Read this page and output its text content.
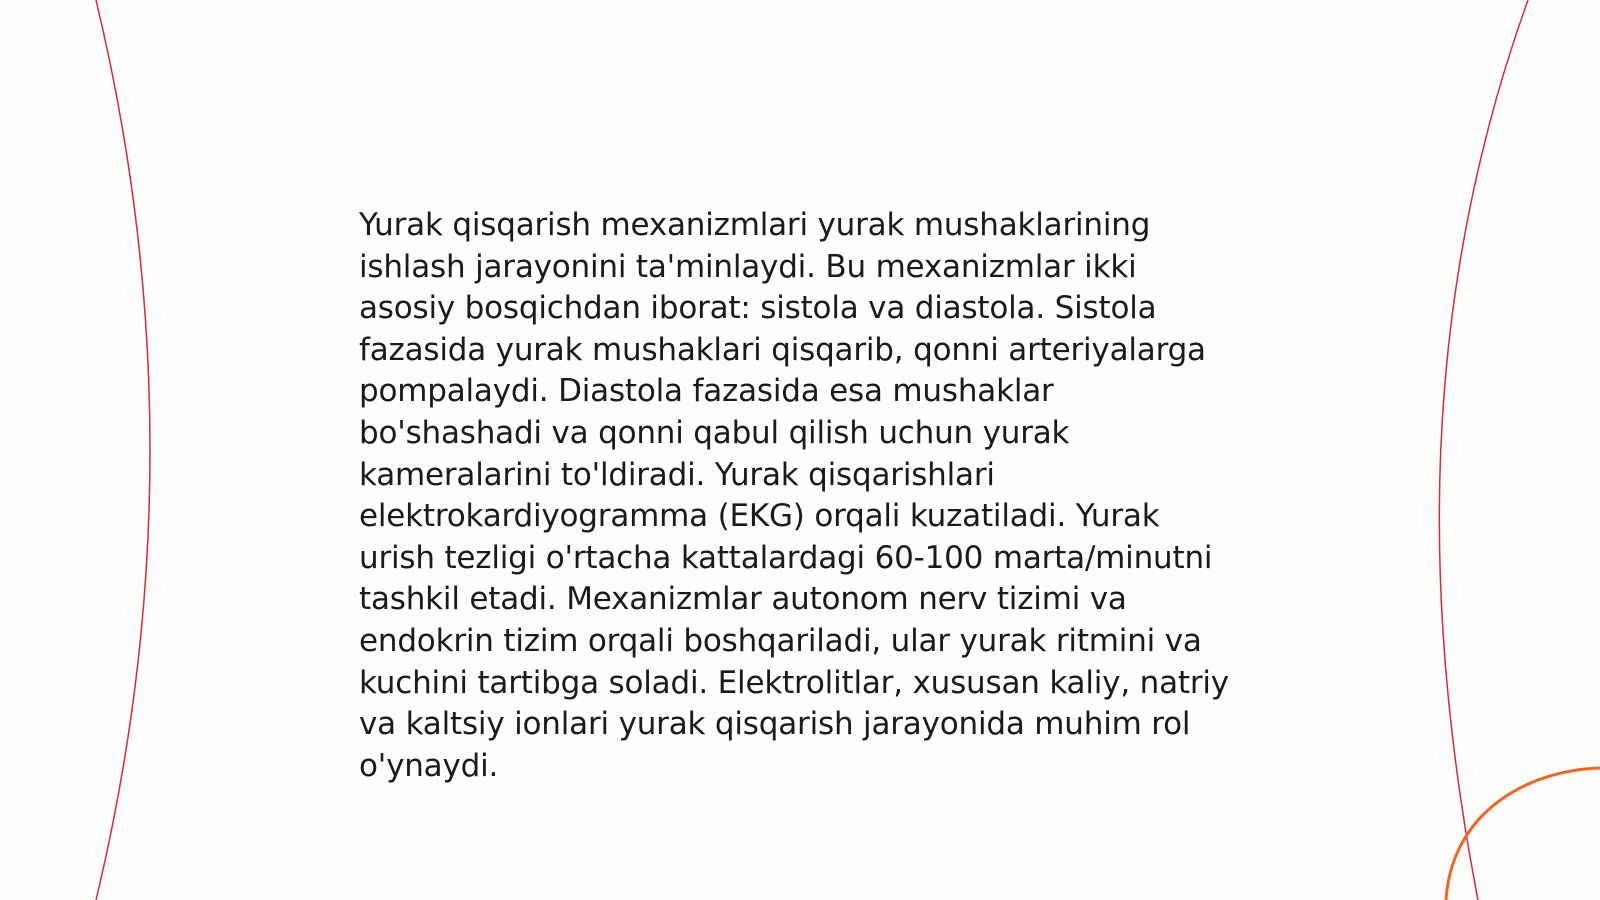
Yurak qisqarish mexanizmlari yurak mushaklarining ishlash jarayonini ta'minlaydi. Bu mexanizmlar ikki asosiy bosqichdan iborat: sistola va diastola. Sistola fazasida yurak mushaklari qisqarib, qonni arteriyalarga pompalaydi. Diastola fazasida esa mushaklar bo'shashadi va qonni qabul qilish uchun yurak kameralarini to'ldiradi. Yurak qisqarishlari elektrokardiyogramma (EKG) orqali kuzatiladi. Yurak urish tezligi o'rtacha kattalardagi 60-100 marta/minutni tashkil etadi. Mexanizmlar autonom nerv tizimi va endokrin tizim orqali boshqariladi, ular yurak ritmini va kuchini tartibga soladi. Elektrolitlar, xususan kaliy, natriy va kaltsiy ionlari yurak qisqarish jarayonida muhim rol o'ynaydi.
